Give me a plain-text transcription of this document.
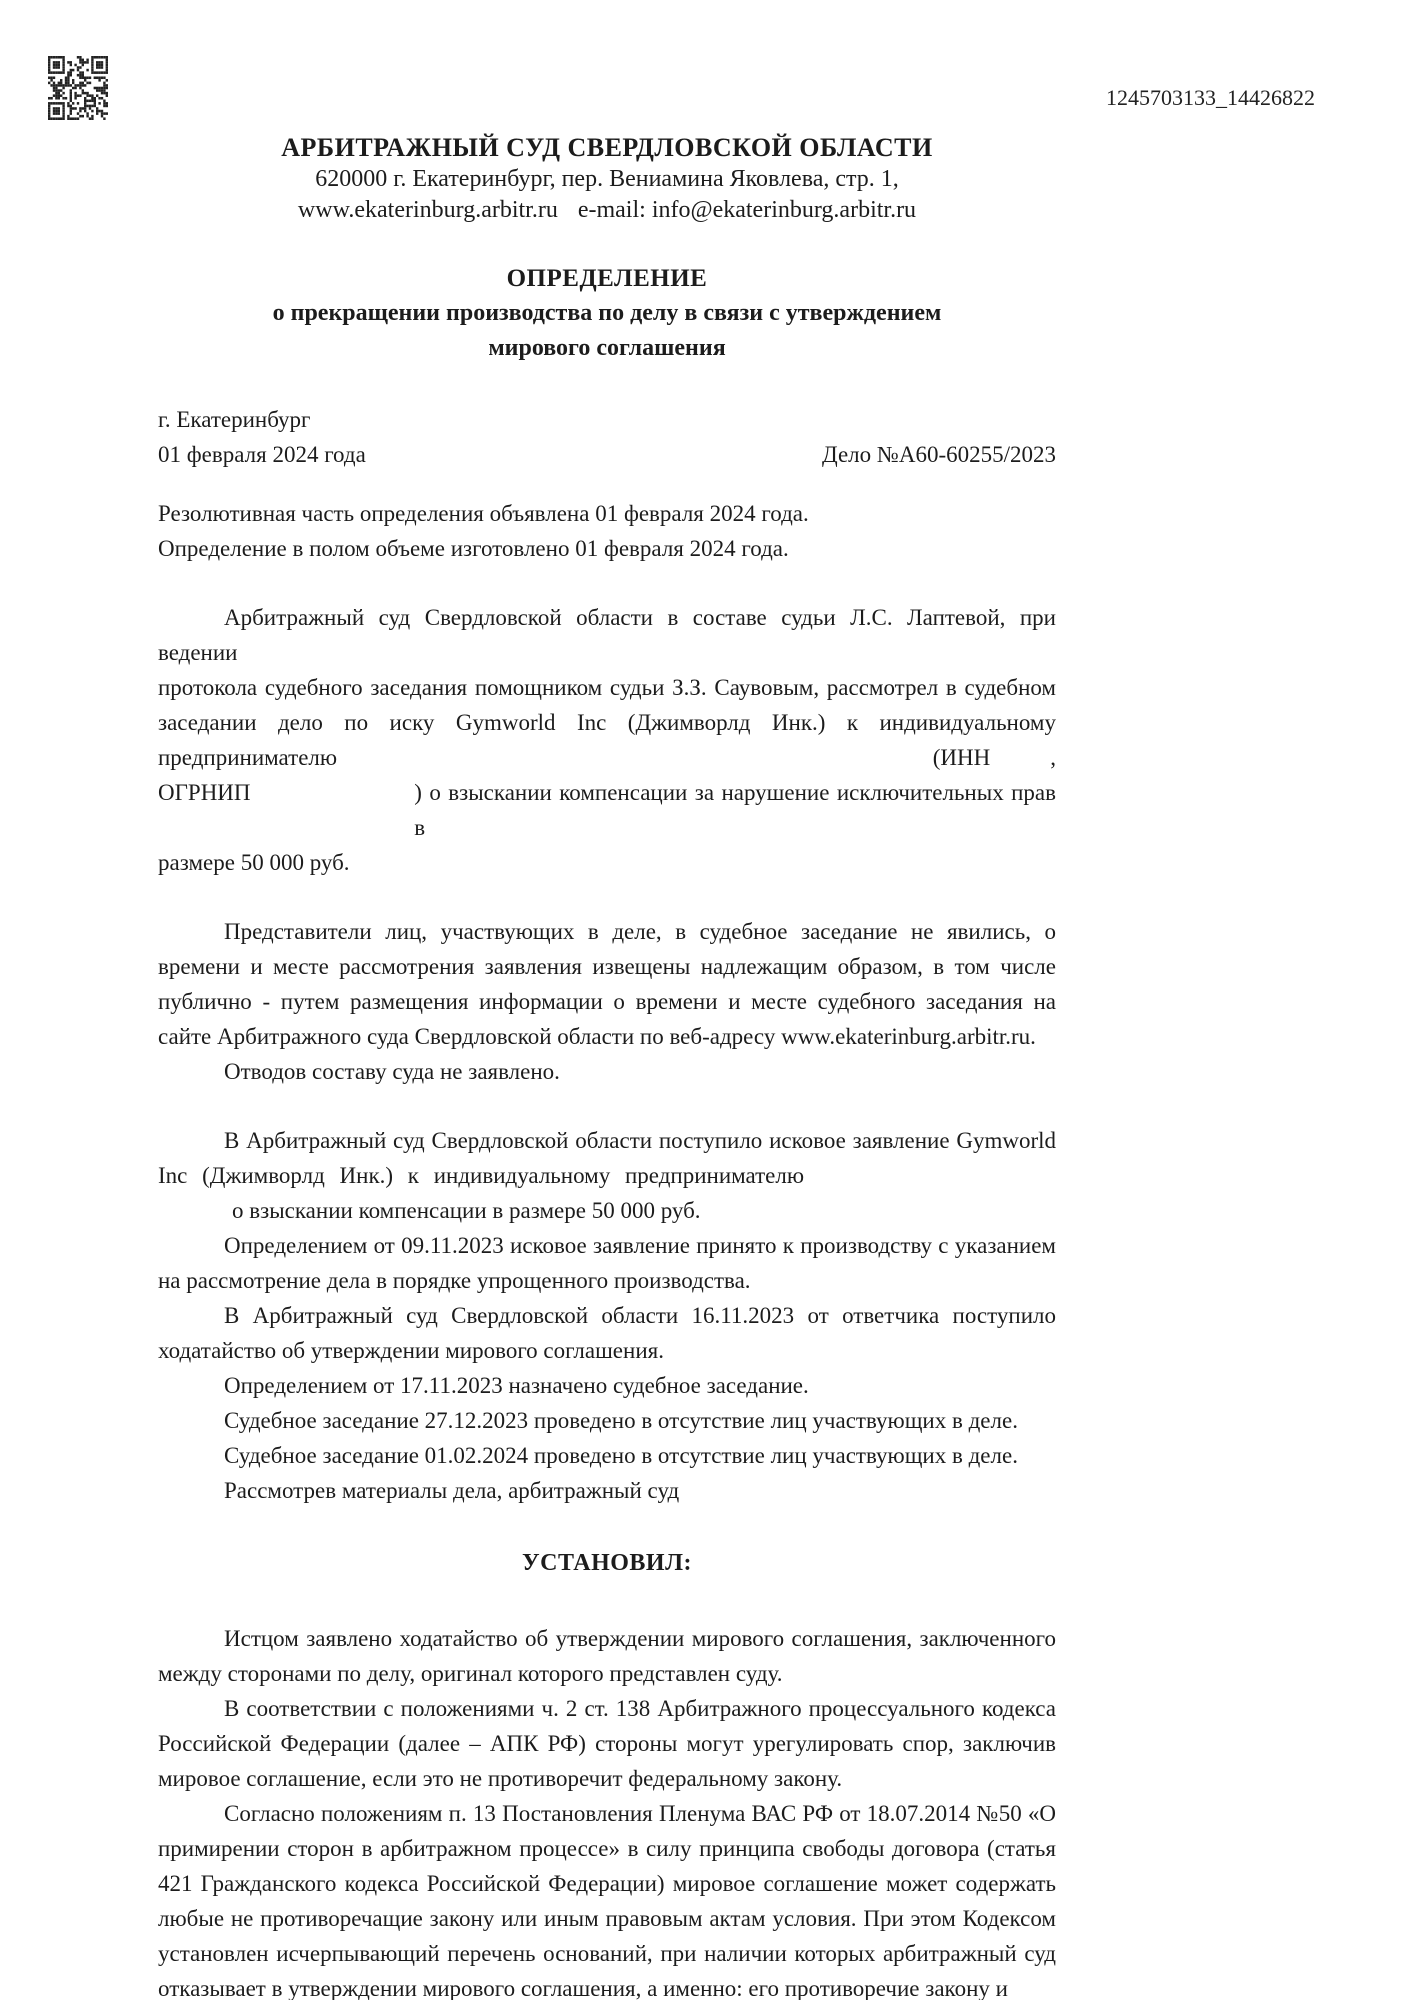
1245703133_14426822
АРБИТРАЖНЫЙ СУД СВЕРДЛОВСКОЙ ОБЛАСТИ
620000 г. Екатеринбург, пер. Вениамина Яковлева, стр. 1,
www.ekaterinburg.arbitr.ru e-mail: info@ekaterinburg.arbitr.ru
ОПРЕДЕЛЕНИЕ
о прекращении производства по делу в связи с утверждением
мирового соглашения
г. Екатеринбург
01 февраля 2024 года	Дело №А60-60255/2023
Резолютивная часть определения объявлена 01 февраля 2024 года.
Определение в полом объеме изготовлено 01 февраля 2024 года.
Арбитражный суд Свердловской области в составе судьи Л.С. Лаптевой, при ведении
протокола судебного заседания помощником судьи З.З. Саувовым, рассмотрел в судебном
заседании дело по иску Gymworld Inc (Джимворлд Инк.) к индивидуальному
предпринимателю	(ИНН	,
ОГРНИП	) о взыскании компенсации за нарушение исключительных прав в
размере 50 000 руб.

Представители лиц, участвующих в деле, в судебное заседание не явились, о времени и месте рассмотрения заявления извещены надлежащим образом, в том числе публично - путем размещения информации о времени и месте судебного заседания на сайте Арбитражного суда Свердловской области по веб-адресу www.ekaterinburg.arbitr.ru.

Отводов составу суда не заявлено.

В Арбитражный суд Свердловской области поступило исковое заявление Gymworld
Inc (Джимворлд Инк.) к индивидуальному предпринимателю
о взыскании компенсации в размере 50 000 руб.

Определением от 09.11.2023 исковое заявление принято к производству с указанием на рассмотрение дела в порядке упрощенного производства.

В Арбитражный суд Свердловской области 16.11.2023 от ответчика поступило ходатайство об утверждении мирового соглашения.

Определением от 17.11.2023 назначено судебное заседание.

Судебное заседание 27.12.2023 проведено в отсутствие лиц участвующих в деле.

Судебное заседание 01.02.2024 проведено в отсутствие лиц участвующих в деле.

Рассмотрев материалы дела, арбитражный суд

УСТАНОВИЛ:

Истцом заявлено ходатайство об утверждении мирового соглашения, заключенного между сторонами по делу, оригинал которого представлен суду.

В соответствии с положениями ч. 2 ст. 138 Арбитражного процессуального кодекса Российской Федерации (далее – АПК РФ) стороны могут урегулировать спор, заключив мировое соглашение, если это не противоречит федеральному закону.

Согласно положениям п. 13 Постановления Пленума ВАС РФ от 18.07.2014 №50 «О примирении сторон в арбитражном процессе» в силу принципа свободы договора (статья 421 Гражданского кодекса Российской Федерации) мировое соглашение может содержать любые не противоречащие закону или иным правовым актам условия. При этом Кодексом установлен исчерпывающий перечень оснований, при наличии которых арбитражный суд отказывает в утверждении мирового соглашения, а именно: его противоречие закону и
